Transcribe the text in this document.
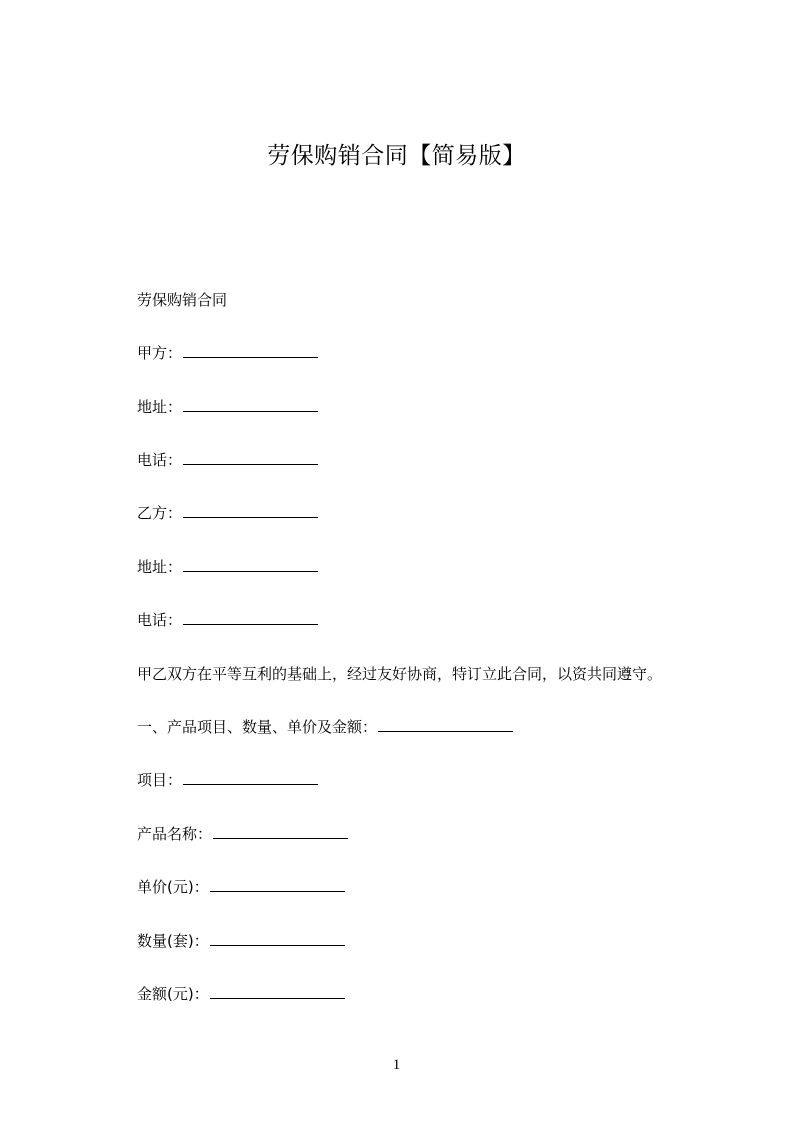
劳保购销合同【简易版】
劳保购销合同
甲方：
地址：
电话：
乙方：
地址：
电话：
甲乙双方在平等互利的基础上，经过友好协商，特订立此合同，以资共同遵守。
一、产品项目、数量、单价及金额：
项目：
产品名称：
单价(元)：
数量(套)：
金额(元)：
1
